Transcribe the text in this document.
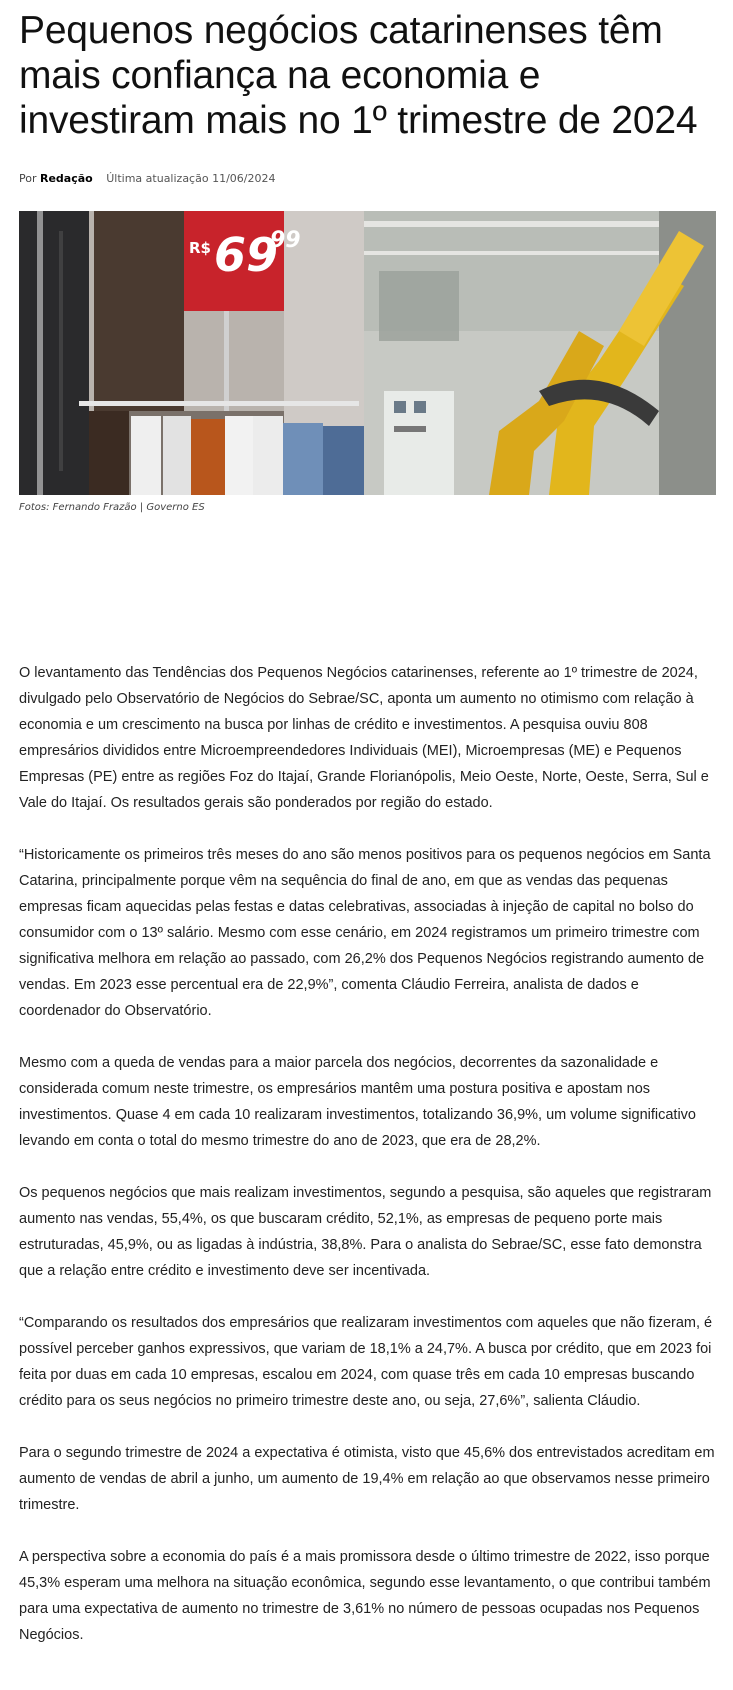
Pequenos negócios catarinenses têm mais confiança na economia e investiram mais no 1º trimestre de 2024
Por Redação Última atualização 11/06/2024
R$ 69
99
Fotos: Fernando Frazão | Governo ES

O levantamento das Tendências dos Pequenos Negócios catarinenses, referente ao 1º trimestre de 2024, divulgado pelo Observatório de Negócios do Sebrae/SC, aponta um aumento no otimismo com relação à economia e um crescimento na busca por linhas de crédito e investimentos. A pesquisa ouviu 808 empresários divididos entre Microempreendedores Individuais (MEI), Microempresas (ME) e Pequenos Empresas (PE) entre as regiões Foz do Itajaí, Grande Florianópolis, Meio Oeste, Norte, Oeste, Serra, Sul e Vale do Itajaí. Os resultados gerais são ponderados por região do estado.

“Historicamente os primeiros três meses do ano são menos positivos para os pequenos negócios em Santa Catarina, principalmente porque vêm na sequência do final de ano, em que as vendas das pequenas empresas ficam aquecidas pelas festas e datas celebrativas, associadas à injeção de capital no bolso do consumidor com o 13º salário. Mesmo com esse cenário, em 2024 registramos um primeiro trimestre com significativa melhora em relação ao passado, com 26,2% dos Pequenos Negócios registrando aumento de vendas. Em 2023 esse percentual era de 22,9%”, comenta Cláudio Ferreira, analista de dados e coordenador do Observatório.

Mesmo com a queda de vendas para a maior parcela dos negócios, decorrentes da sazonalidade e considerada comum neste trimestre, os empresários mantêm uma postura positiva e apostam nos investimentos. Quase 4 em cada 10 realizaram investimentos, totalizando 36,9%, um volume significativo levando em conta o total do mesmo trimestre do ano de 2023, que era de 28,2%.

Os pequenos negócios que mais realizam investimentos, segundo a pesquisa, são aqueles que registraram aumento nas vendas, 55,4%, os que buscaram crédito, 52,1%, as empresas de pequeno porte mais estruturadas, 45,9%, ou as ligadas à indústria, 38,8%. Para o analista do Sebrae/SC, esse fato demonstra que a relação entre crédito e investimento deve ser incentivada.

“Comparando os resultados dos empresários que realizaram investimentos com aqueles que não fizeram, é possível perceber ganhos expressivos, que variam de 18,1% a 24,7%. A busca por crédito, que em 2023 foi feita por duas em cada 10 empresas, escalou em 2024, com quase três em cada 10 empresas buscando crédito para os seus negócios no primeiro trimestre deste ano, ou seja, 27,6%”, salienta Cláudio.

Para o segundo trimestre de 2024 a expectativa é otimista, visto que 45,6% dos entrevistados acreditam em aumento de vendas de abril a junho, um aumento de 19,4% em relação ao que observamos nesse primeiro trimestre.

A perspectiva sobre a economia do país é a mais promissora desde o último trimestre de 2022, isso porque 45,3% esperam uma melhora na situação econômica, segundo esse levantamento, o que contribui também para uma expectativa de aumento no trimestre de 3,61% no número de pessoas ocupadas nos Pequenos Negócios.
